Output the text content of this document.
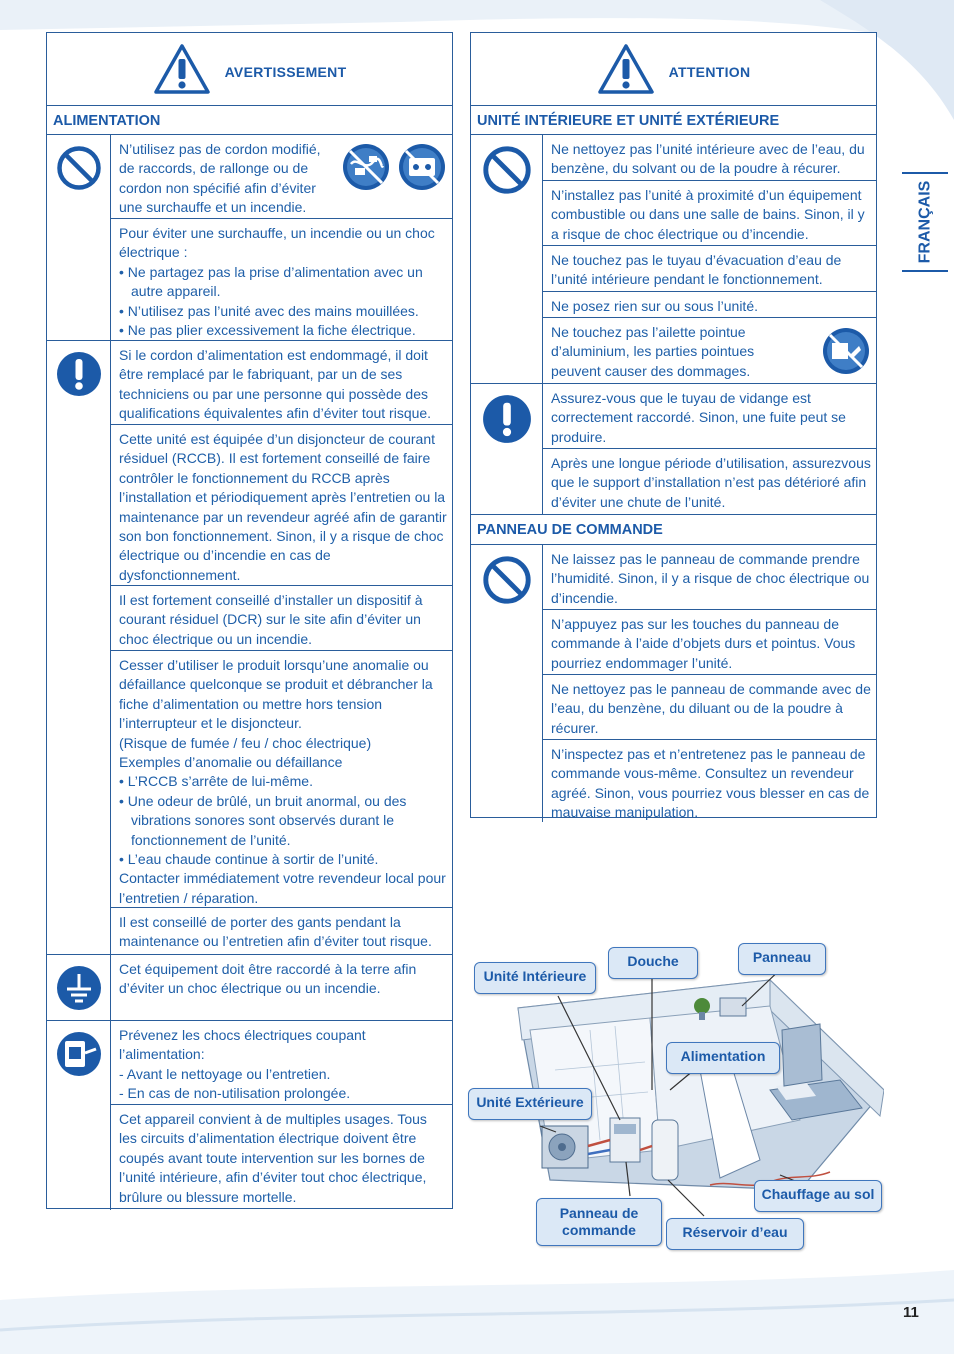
AVERTISSEMENT
ALIMENTATION

N’utilisez pas de cordon modifié, de raccords, de rallonge ou de cordon non spécifié afin d’éviter une surchauffe et un incendie.

Pour éviter une surchauffe, un incendie ou un choc électrique :

• Ne partagez pas la prise d’alimentation avec un autre appareil.

• N’utilisez pas l’unité avec des mains mouillées.

• Ne pas plier excessivement la fiche électrique.

Si le cordon d’alimentation est endommagé, il doit être remplacé par le fabriquant, par un de ses techniciens ou par une personne qui possède des qualifications équivalentes afin d’éviter tout risque.

Cette unité est équipée d’un disjoncteur de courant résiduel (RCCB). Il est fortement conseillé de faire contrôler le fonctionnement du RCCB après l’installation et périodiquement après l’entretien ou la maintenance par un revendeur agréé afin de garantir son bon fonctionnement. Sinon, il y a risque de choc électrique ou d’incendie en cas de dysfonctionnement.

Il est fortement conseillé d’installer un dispositif à courant résiduel (DCR) sur le site afin d’éviter un choc électrique ou un incendie.

Cesser d’utiliser le produit lorsqu’une anomalie ou défaillance quelconque se produit et débrancher la fiche d’alimentation ou mettre hors tension l’interrupteur et le disjoncteur.

(Risque de fumée / feu / choc électrique)

Exemples d’anomalie ou défaillance

• L’RCCB s’arrête de lui-même.

• Une odeur de brûlé, un bruit anormal, ou des vibrations sonores sont observés durant le fonctionnement de l’unité.

• L’eau chaude continue à sortir de l’unité.

Contacter immédiatement votre revendeur local pour l’entretien / réparation.

Il est conseillé de porter des gants pendant la maintenance ou l’entretien afin d’éviter tout risque.

Cet équipement doit être raccordé à la terre afin d’éviter un choc électrique ou un incendie.

Prévenez les chocs électriques coupant l’alimentation:

- Avant le nettoyage ou l’entretien.

- En cas de non-utilisation prolongée.

Cet appareil convient à de multiples usages. Tous les circuits d’alimentation électrique doivent être coupés avant toute intervention sur les bornes de l’unité intérieure, afin d’éviter tout choc électrique, brûlure ou blessure mortelle.

ATTENTION
UNITÉ INTÉRIEURE ET UNITÉ EXTÉRIEURE

Ne nettoyez pas l’unité intérieure avec de l’eau, du benzène, du solvant ou de la poudre à récurer.

N’installez pas l’unité à proximité d’un équipement combustible ou dans une salle de bains. Sinon, il y a risque de choc électrique ou d’incendie.

Ne touchez pas le tuyau d’évacuation d’eau de l’unité intérieure pendant le fonctionnement.

Ne posez rien sur ou sous l’unité.

Ne touchez pas l’ailette pointue d’aluminium, les parties pointues peuvent causer des dommages.

Assurez-vous que le tuyau de vidange est correctement raccordé. Sinon, une fuite peut se produire.

Après une longue période d’utilisation, assurezvous que le support d’installation n’est pas détérioré afin d’éviter une chute de l’unité.

PANNEAU DE COMMANDE

Ne laissez pas le panneau de commande prendre l’humidité. Sinon, il y a risque de choc électrique ou d’incendie.

N’appuyez pas sur les touches du panneau de commande à l’aide d’objets durs et pointus. Vous pourriez endommager l’unité.

Ne nettoyez pas le panneau de commande avec de l’eau, du benzène, du diluant ou de la poudre à récurer.

N’inspectez pas et n’entretenez pas le panneau de commande vous-même. Consultez un revendeur agréé. Sinon, vous pourriez vous blesser en cas de mauvaise manipulation.

FRANÇAIS
Unité Intérieure
Douche	Panneau
Alimentation
Unité Extérieure
Panneau de commande	Réservoir d’eau
Chauffage au sol
11
